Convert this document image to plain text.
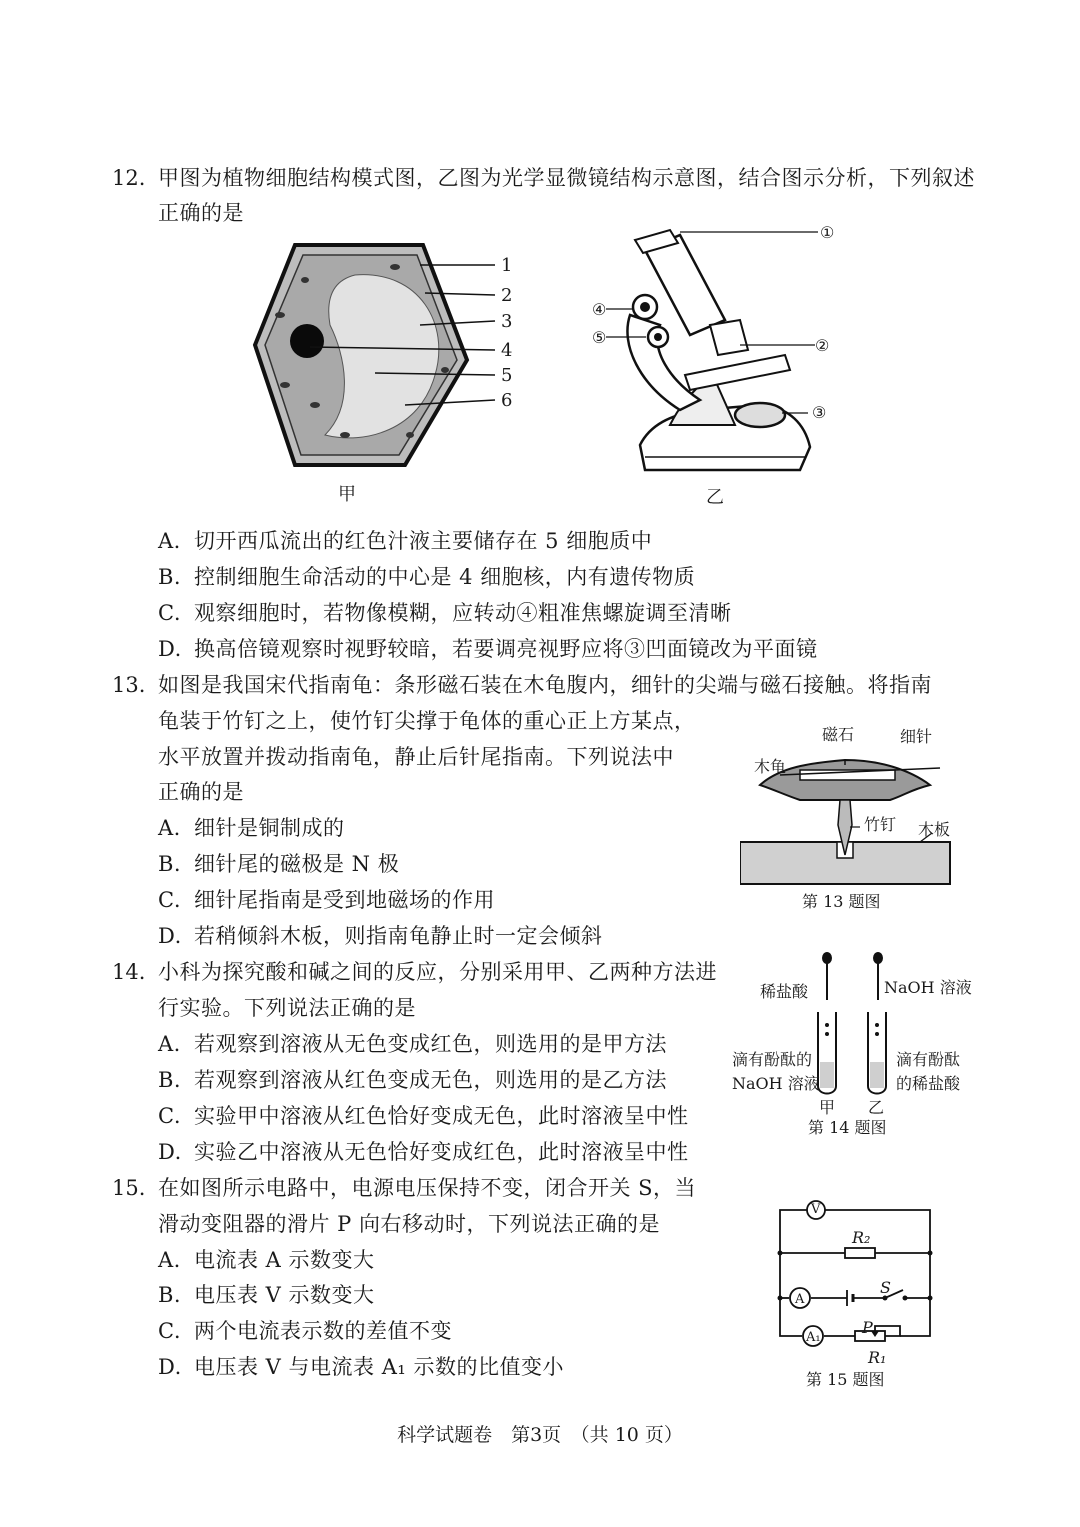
12. 甲图为植物细胞结构模式图，乙图为光学显微镜结构示意图，结合图示分析，下列叙述
正确的是
1
2
3
4
5
6
甲
①
②
③
④
⑤
乙
A. 切开西瓜流出的红色汁液主要储存在 5 细胞质中
B. 控制细胞生命活动的中心是 4 细胞核，内有遗传物质
C. 观察细胞时，若物像模糊，应转动④粗准焦螺旋调至清晰
D. 换高倍镜观察时视野较暗，若要调亮视野应将③凹面镜改为平面镜
13. 如图是我国宋代指南龟：条形磁石装在木龟腹内，细针的尖端与磁石接触。将指南
龟装于竹钉之上，使竹钉尖撑于龟体的重心正上方某点，
水平放置并拨动指南龟，静止后针尾指南。下列说法中
正确的是
A. 细针是铜制成的
B. 细针尾的磁极是 N 极
C. 细针尾指南是受到地磁场的作用
D. 若稍倾斜木板，则指南龟静止时一定会倾斜
磁石	细针
木龟
竹钉 木板
第 13 题图
14. 小科为探究酸和碱之间的反应，分别采用甲、乙两种方法进
行实验。下列说法正确的是
A. 若观察到溶液从无色变成红色，则选用的是甲方法
B. 若观察到溶液从红色变成无色，则选用的是乙方法
C. 实验甲中溶液从红色恰好变成无色，此时溶液呈中性
D. 实验乙中溶液从无色恰好变成红色，此时溶液呈中性
稀盐酸	NaOH 溶液
滴有酚酞的
NaOH 溶液
滴有酚酞
的稀盐酸
甲 乙
第 14 题图
15. 在如图所示电路中，电源电压保持不变，闭合开关 S，当
滑动变阻器的滑片 P 向右移动时，下列说法正确的是
A. 电流表 A 示数变大
B. 电压表 V 示数变大
C. 两个电流表示数的差值不变
D. 电压表 V 与电流表 A₁ 示数的比值变小
V
R₂
A
S
A₁
P
R₁
第 15 题图
科学试题卷　第3页　（共 10 页）
